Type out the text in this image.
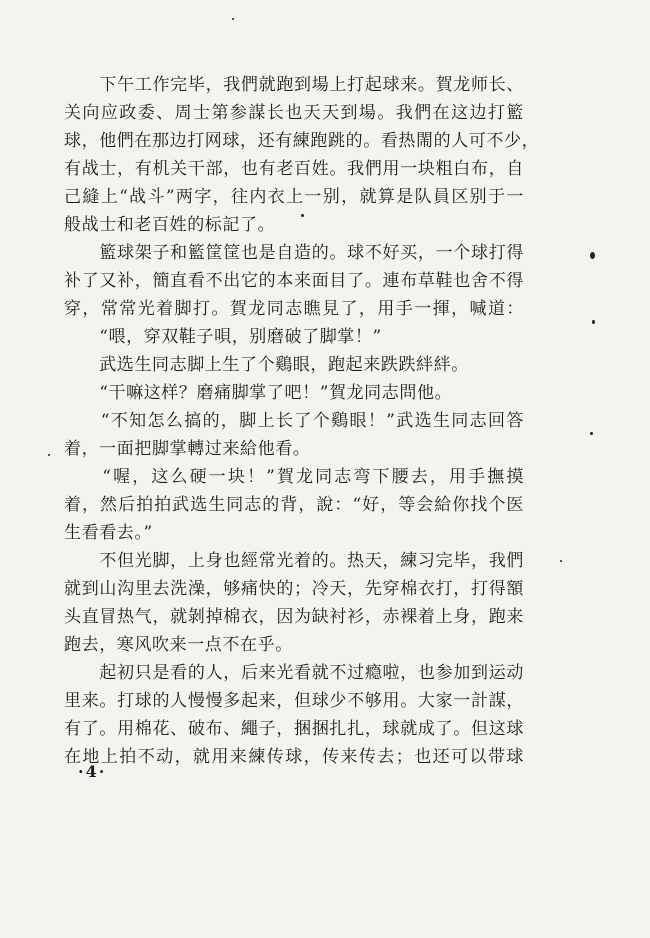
　　下午工作完毕，我們就跑到場上打起球来。賀龙师长、
关向应政委、周士第参謀长也天天到場。我們在这边打籃
球，他們在那边打网球，还有練跑跳的。看热閙的人可不少，
有战士，有机关干部，也有老百姓。我們用一块粗白布，自
己縫上“战斗”两字，往内衣上一别，就算是队員区别于一
般战士和老百姓的标記了。
　　籃球架子和籃筐筐也是自造的。球不好买，一个球打得
补了又补，簡直看不出它的本来面目了。連布草鞋也舍不得
穿，常常光着脚打。賀龙同志瞧見了，用手一揮，喊道：
　　“喂，穿双鞋子唄，别磨破了脚掌！”
　　武选生同志脚上生了个鷄眼，跑起来跌跌絆絆。
　　“干嘛这样？磨痛脚掌了吧！”賀龙同志問他。
　　“不知怎么搞的，脚上长了个鷄眼！”武选生同志回答
着，一面把脚掌轉过来給他看。
　　“喔，这么硬一块！”賀龙同志弯下腰去，用手撫摸
着，然后拍拍武选生同志的背，說：“好，等会給你找个医
生看看去。”
　　不但光脚，上身也經常光着的。热天，練习完毕，我們
就到山沟里去洗澡，够痛快的；冷天，先穿棉衣打，打得額
头直冒热气，就剝掉棉衣，因为缺衬衫，赤裸着上身，跑来
跑去，寒风吹来一点不在乎。
　　起初只是看的人，后来光看就不过瘾啦，也参加到运动
里来。打球的人慢慢多起来，但球少不够用。大家一計謀，
有了。用棉花、破布、繩子，捆捆扎扎，球就成了。但这球
在地上拍不动，就用来練传球，传来传去；也还可以带球
·4·
